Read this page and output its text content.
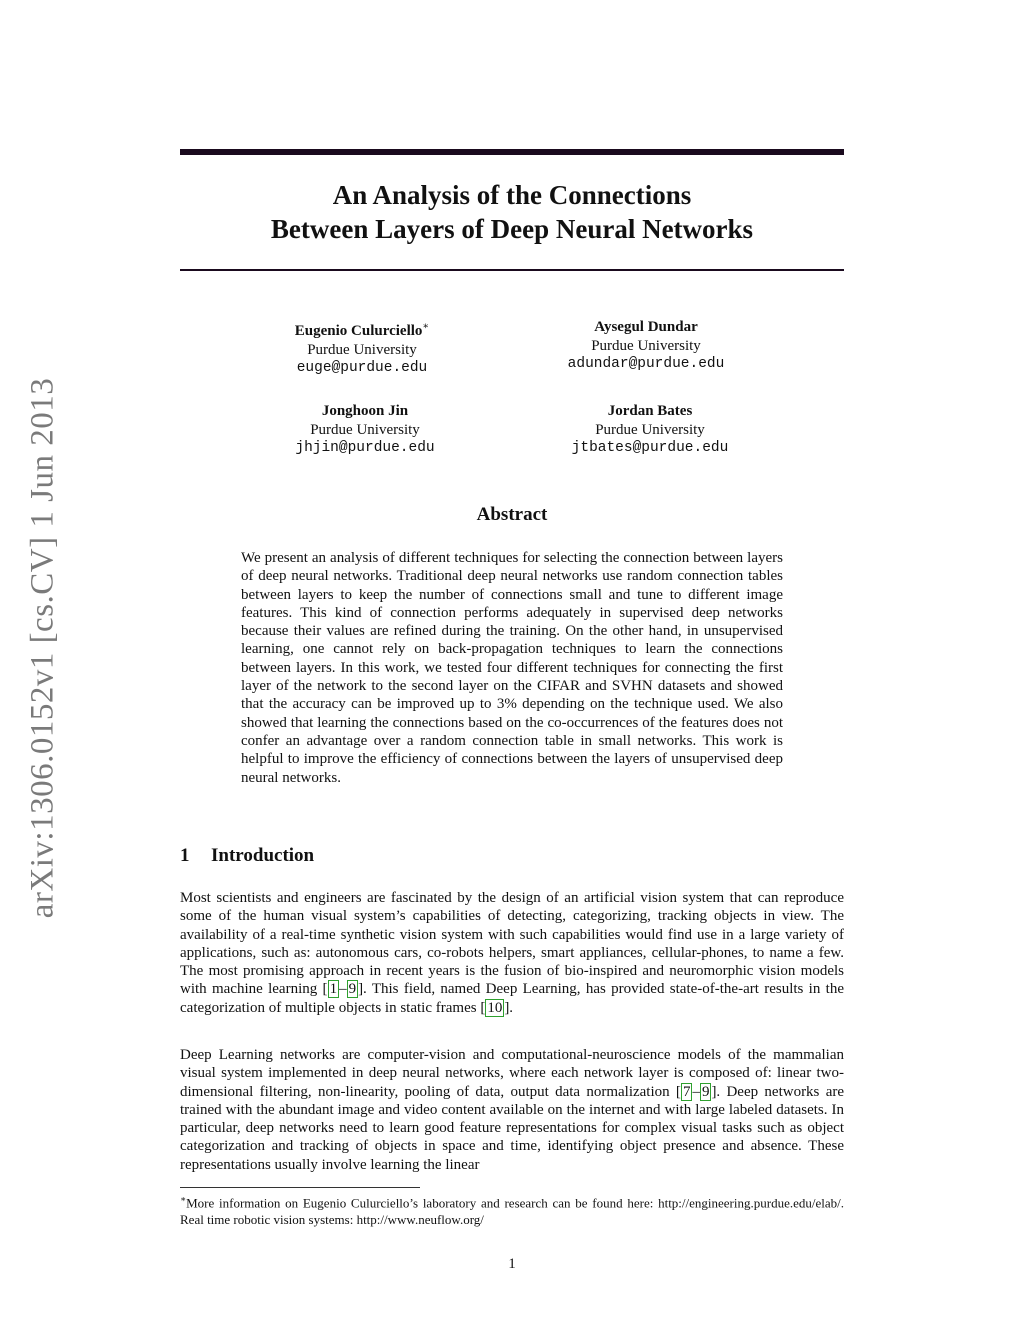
arXiv:1306.0152v1 [cs.CV] 1 Jun 2013
An Analysis of the Connections
Between Layers of Deep Neural Networks
Eugenio Culurciello∗
Purdue University
euge@purdue.edu
Aysegul Dundar
Purdue University
adundar@purdue.edu
Jonghoon Jin
Purdue University
jhjin@purdue.edu
Jordan Bates
Purdue University
jtbates@purdue.edu
Abstract
We present an analysis of different techniques for selecting the connection between layers of deep neural networks. Traditional deep neural networks use random connection tables between layers to keep the number of connections small and tune to different image features. This kind of connection performs adequately in supervised deep networks because their values are refined during the training. On the other hand, in unsupervised learning, one cannot rely on back-propagation techniques to learn the connections between layers. In this work, we tested four different techniques for connecting the first layer of the network to the second layer on the CIFAR and SVHN datasets and showed that the accuracy can be improved up to 3% depending on the technique used. We also showed that learning the connections based on the co-occurrences of the features does not confer an advantage over a random connection table in small networks. This work is helpful to improve the efficiency of connections between the layers of unsupervised deep neural networks.
1 Introduction
Most scientists and engineers are fascinated by the design of an artificial vision system that can reproduce some of the human visual system’s capabilities of detecting, categorizing, tracking objects in view. The availability of a real-time synthetic vision system with such capabilities would find use in a large variety of applications, such as: autonomous cars, co-robots helpers, smart appliances, cellular-phones, to name a few. The most promising approach in recent years is the fusion of bio-inspired and neuromorphic vision models with machine learning [ 1 – 9 ]. This field, named Deep Learning, has provided state-of-the-art results in the categorization of multiple objects in static frames [ 10 ].
Deep Learning networks are computer-vision and computational-neuroscience models of the mammalian visual system implemented in deep neural networks, where each network layer is composed of: linear two-dimensional filtering, non-linearity, pooling of data, output data normalization [ 7 – 9 ]. Deep networks are trained with the abundant image and video content available on the internet and with large labeled datasets. In particular, deep networks need to learn good feature representations for complex visual tasks such as object categorization and tracking of objects in space and time, identifying object presence and absence. These representations usually involve learning the linear
∗More information on Eugenio Culurciello’s laboratory and research can be found here: http://engineering.purdue.edu/elab/. Real time robotic vision systems: http://www.neuflow.org/
1
